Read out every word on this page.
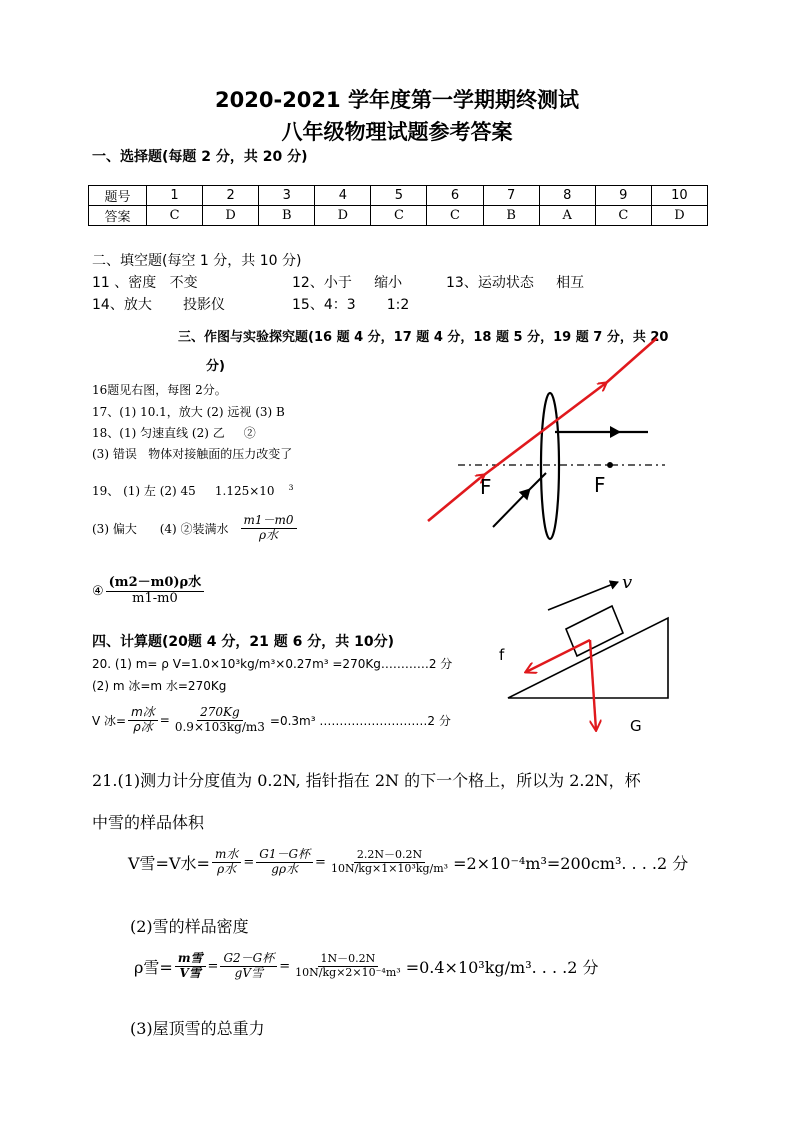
2020-2021 学年度第一学期期终测试
八年级物理试题参考答案
一、选择题(每题 2 分，共 20 分)
题号	1	2	3	4	5	6	7	8	9	10
答案	C	D	B	D	C	C	B	A	C	D
二、填空题(每空 1 分，共 10 分)
11 、密度   不变	12、小于     缩小	13、运动状态     相互
14、放大       投影仪	15、4：3       1:2
三、作图与实验探究题(16 题 4 分，17 题 4 分，18 题 5 分，19 题 7 分，共 20
分)
16题见右图，每图 2分。
17、(1) 10.1，放大 (2) 远视 (3) B
18、(1) 匀速直线 (2) 乙     ②
(3) 错误   物体对接触面的压力改变了
19、 (1) 左 (2) 45     1.125×10 $^3$
(3) 偏大      (4) ②装满水 $\frac{m1-m0}{\text{ρ水}}$
④ $\frac{\text{(m2－m0)ρ水}}{m1-m0}$
F	F
四、计算题(20题 4 分，21 题 6 分，共 10分)
20. (1) m= ρ V=1.0×10³kg/m³×0.27m³ =270Kg…………2 分
(2) m 冰=m 水=270Kg
V 冰= $\frac{\text{m冰}}{\text{ρ冰}} = \frac{270Kg}{0.9\times 103kg/m3} =0.3m^3$ ………………………2 分
v
f
G
21.(1)测力计分度值为 0.2N, 指针指在 2N 的下一个格上，所以为 2.2N，杯
中雪的样品体积
V雪=V水= $\frac{\text{m水}}{\text{ρ水}} = \frac{\text{G1－G杯}}{\text{gρ水}} = \frac{2.2N-0.2N}{\text{10N/kg×1×10³kg/m³}} =2\times 10^{-4}m^3=200cm^3$. . . .2 分
(2)雪的样品密度
ρ雪= $\frac{\text{m雪}}{\text{V雪}} = \frac{\text{G2－G杯}}{\text{gV雪}} = \frac{1N-0.2N}{\text{10N/kg×2×10⁻⁴m³}} =0.4\times 10^3kg/m^3$. . . .2 分
(3)屋顶雪的总重力
